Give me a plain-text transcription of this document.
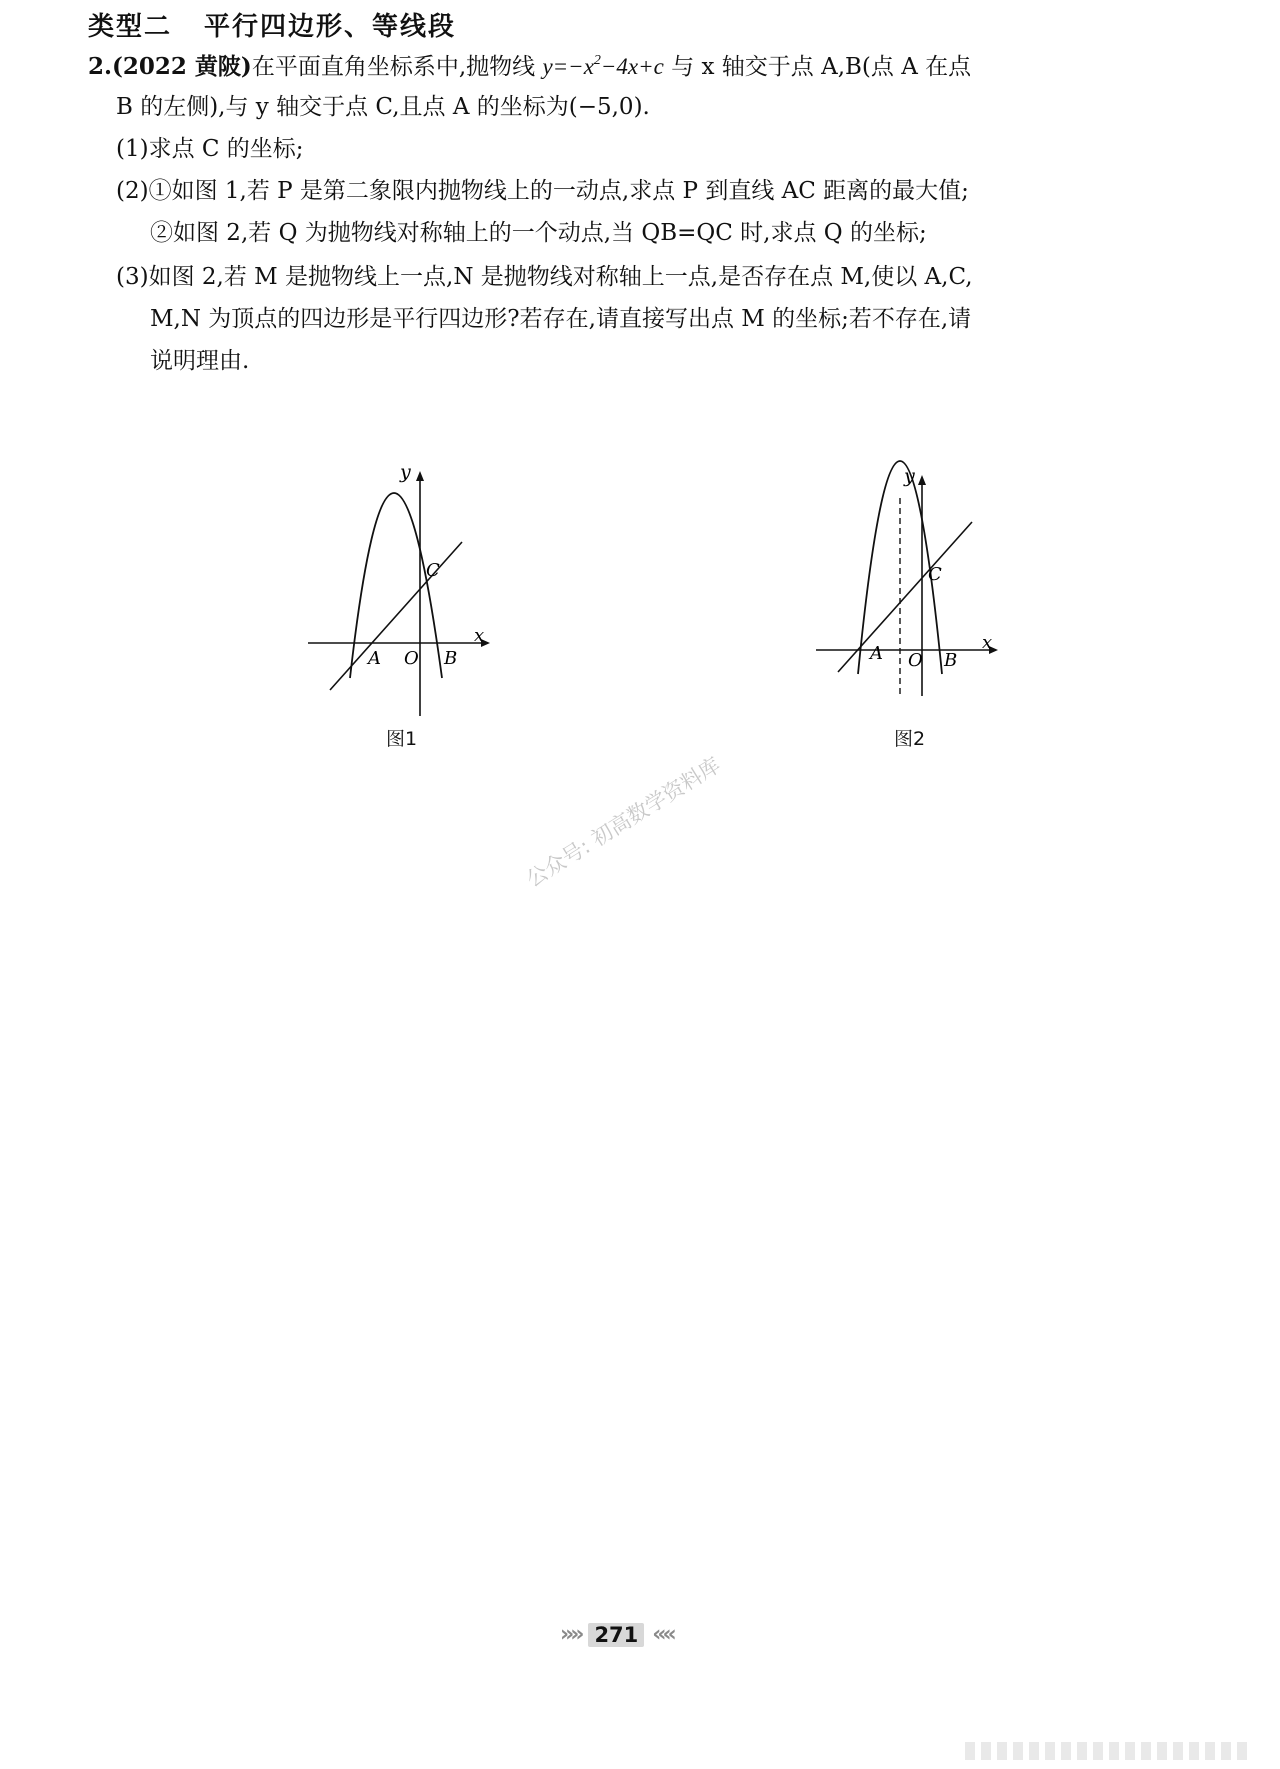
类型二 平行四边形、等线段
2.(2022 黄陂)在平面直角坐标系中,抛物线 $y=-x^2-4x+c$ 与 x 轴交于点 A,B(点 A 在点
B 的左侧),与 y 轴交于点 C,且点 A 的坐标为(−5,0).
(1)求点 C 的坐标;
(2)①如图 1,若 P 是第二象限内抛物线上的一动点,求点 P 到直线 AC 距离的最大值;
②如图 2,若 Q 为抛物线对称轴上的一个动点,当 QB=QC 时,求点 Q 的坐标;
(3)如图 2,若 M 是抛物线上一点,N 是抛物线对称轴上一点,是否存在点 M,使以 A,C,
M,N 为顶点的四边形是平行四边形?若存在,请直接写出点 M 的坐标;若不存在,请
说明理由.
y
x
A O B
C
图1
y
x
A O B
C
图2
公众号: 初高数学资料库
»» 271 ««
